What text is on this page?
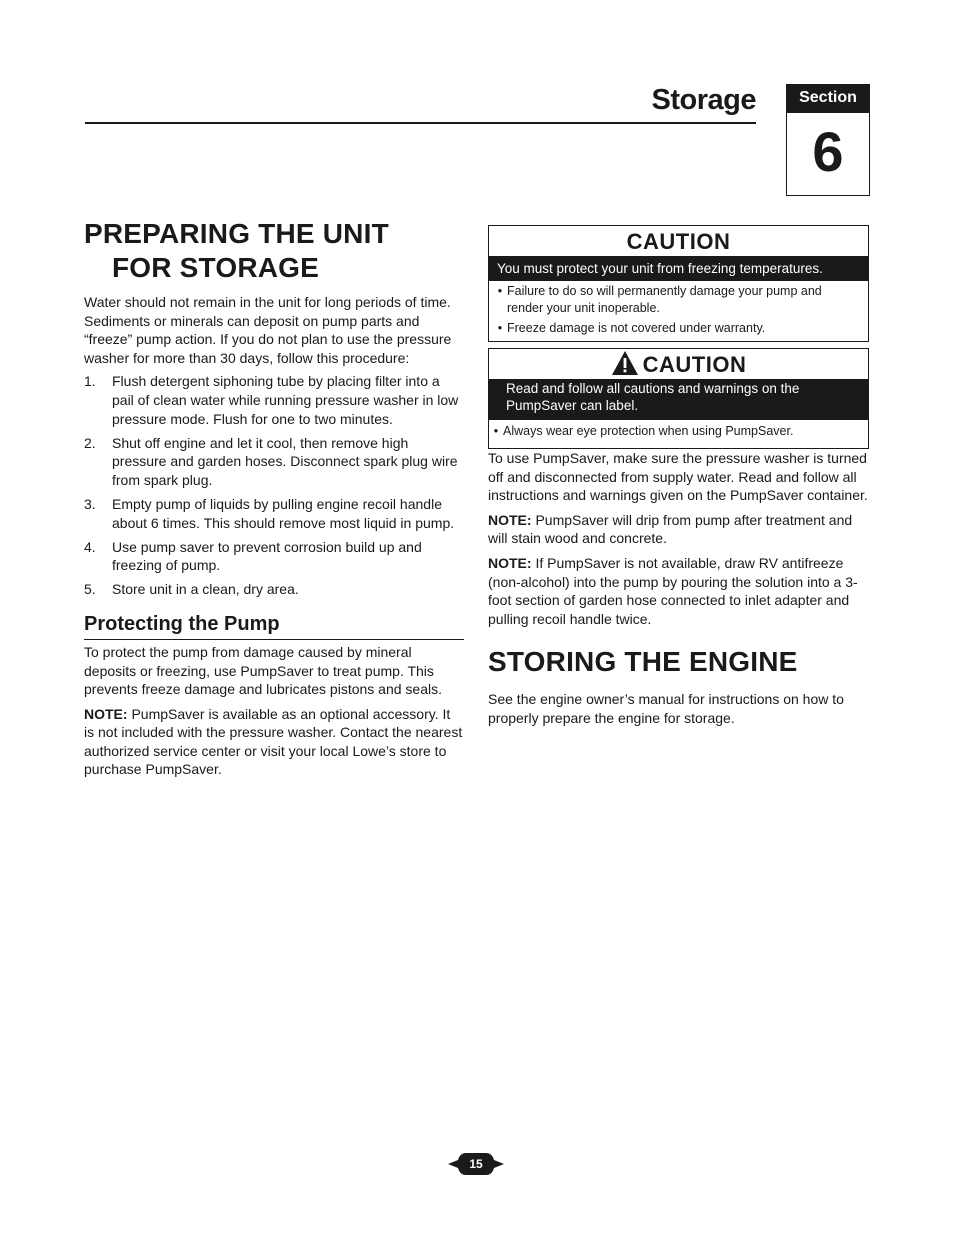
Storage	Section
6
PREPARING THE UNIT
FOR STORAGE
Water should not remain in the unit for long periods of time. Sediments or minerals can deposit on pump parts and “freeze” pump action. If you do not plan to use the pressure washer for more than 30 days, follow this procedure:
1.	Flush detergent siphoning tube by placing filter into a pail of clean water while running pressure washer in low pressure mode. Flush for one to two minutes.
2.	Shut off engine and let it cool, then remove high pressure and garden hoses. Disconnect spark plug wire from spark plug.
3.	Empty pump of liquids by pulling engine recoil handle about 6 times. This should remove most liquid in pump.
4.	Use pump saver to prevent corrosion build up and freezing of pump.
5.	Store unit in a clean, dry area.
Protecting the Pump
To protect the pump from damage caused by mineral deposits or freezing, use PumpSaver to treat pump. This prevents freeze damage and lubricates pistons and seals.
NOTE: PumpSaver is available as an optional accessory. It is not included with the pressure washer. Contact the nearest authorized service center or visit your local Lowe’s store to purchase PumpSaver.
CAUTION
You must protect your unit from freezing temperatures.
• Failure to do so will permanently damage your pump and render your unit inoperable.
• Freeze damage is not covered under warranty.
CAUTION
Read and follow all cautions and warnings on the PumpSaver can label.
• Always wear eye protection when using PumpSaver.
To use PumpSaver, make sure the pressure washer is turned off and disconnected from supply water. Read and follow all instructions and warnings given on the PumpSaver container.
NOTE: PumpSaver will drip from pump after treatment and will stain wood and concrete.
NOTE: If PumpSaver is not available, draw RV antifreeze (non-alcohol) into the pump by pouring the solution into a 3-foot section of garden hose connected to inlet adapter and pulling recoil handle twice.
STORING THE ENGINE
See the engine owner’s manual for instructions on how to properly prepare the engine for storage.
15
